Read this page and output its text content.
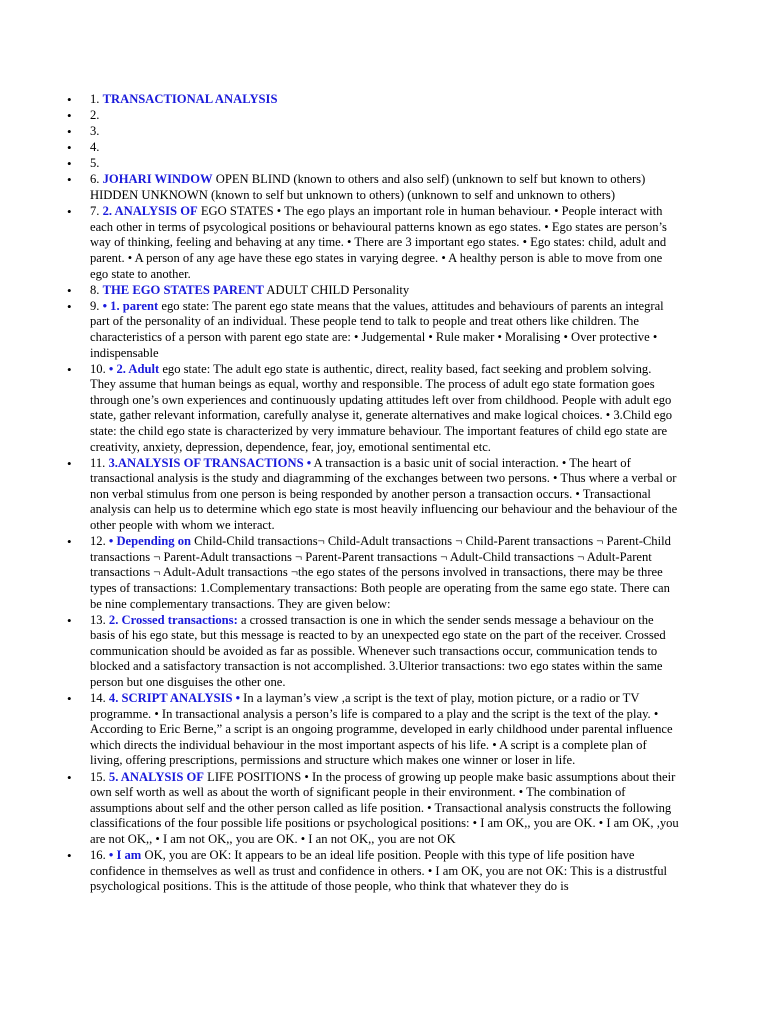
• 1. TRANSACTIONAL ANALYSIS
• 2.
• 3.
• 4.
• 5.
• 6. JOHARI WINDOW OPEN BLIND (known to others and also self) (unknown to self but known to others) HIDDEN UNKNOWN (known to self but unknown to others) (unknown to self and unknown to others)
• 7. 2. ANALYSIS OF EGO STATES • The ego plays an important role in human behaviour. • People interact with each other in terms of psycological positions or behavioural patterns known as ego states. • Ego states are person’s way of thinking, feeling and behaving at any time. • There are 3 important ego states. • Ego states: child, adult and parent. • A person of any age have these ego states in varying degree. • A healthy person is able to move from one ego state to another.
• 8. THE EGO STATES PARENT ADULT CHILD Personality
• 9. • 1. parent ego state: The parent ego state means that the values, attitudes and behaviours of parents an integral part of the personality of an individual. These people tend to talk to people and treat others like children. The characteristics of a person with parent ego state are: • Judgemental • Rule maker • Moralising • Over protective • indispensable
• 10. • 2. Adult ego state: The adult ego state is authentic, direct, reality based, fact seeking and problem solving. They assume that human beings as equal, worthy and responsible. The process of adult ego state formation goes through one’s own experiences and continuously updating attitudes left over from childhood. People with adult ego state, gather relevant information, carefully analyse it, generate alternatives and make logical choices. • 3.Child ego state: the child ego state is characterized by very immature behaviour. The important features of child ego state are creativity, anxiety, depression, dependence, fear, joy, emotional sentimental etc.
• 11. 3.ANALYSIS OF TRANSACTIONS • A transaction is a basic unit of social interaction. • The heart of transactional analysis is the study and diagramming of the exchanges between two persons. • Thus where a verbal or non verbal stimulus from one person is being responded by another person a transaction occurs. • Transactional analysis can help us to determine which ego state is most heavily influencing our behaviour and the behaviour of the other people with whom we interact.
• 12. • Depending on Child-Child transactions¬ Child-Adult transactions ¬ Child-Parent transactions ¬ Parent-Child transactions ¬ Parent-Adult transactions ¬ Parent-Parent transactions ¬ Adult-Child transactions ¬ Adult-Parent transactions ¬ Adult-Adult transactions ¬the ego states of the persons involved in transactions, there may be three types of transactions: 1.Complementary transactions: Both people are operating from the same ego state. There can be nine complementary transactions. They are given below:
• 13. 2. Crossed transactions: a crossed transaction is one in which the sender sends message a behaviour on the basis of his ego state, but this message is reacted to by an unexpected ego state on the part of the receiver. Crossed communication should be avoided as far as possible. Whenever such transactions occur, communication tends to blocked and a satisfactory transaction is not accomplished. 3.Ulterior transactions: two ego states within the same person but one disguises the other one.
• 14. 4. SCRIPT ANALYSIS • In a layman’s view ,a script is the text of play, motion picture, or a radio or TV programme. • In transactional analysis a person’s life is compared to a play and the script is the text of the play. • According to Eric Berne,” a script is an ongoing programme, developed in early childhood under parental influence which directs the individual behaviour in the most important aspects of his life. • A script is a complete plan of living, offering prescriptions, permissions and structure which makes one winner or loser in life.
• 15. 5. ANALYSIS OF LIFE POSITIONS • In the process of growing up people make basic assumptions about their own self worth as well as about the worth of significant people in their environment. • The combination of assumptions about self and the other person called as life position. • Transactional analysis constructs the following classifications of the four possible life positions or psychological positions: • I am OK,, you are OK. • I am OK, ,you are not OK,, • I am not OK,, you are OK. • I an not OK,, you are not OK
• 16. • I am OK, you are OK: It appears to be an ideal life position. People with this type of life position have confidence in themselves as well as trust and confidence in others. • I am OK, you are not OK: This is a distrustful psychological positions. This is the attitude of those people, who think that whatever they do is
